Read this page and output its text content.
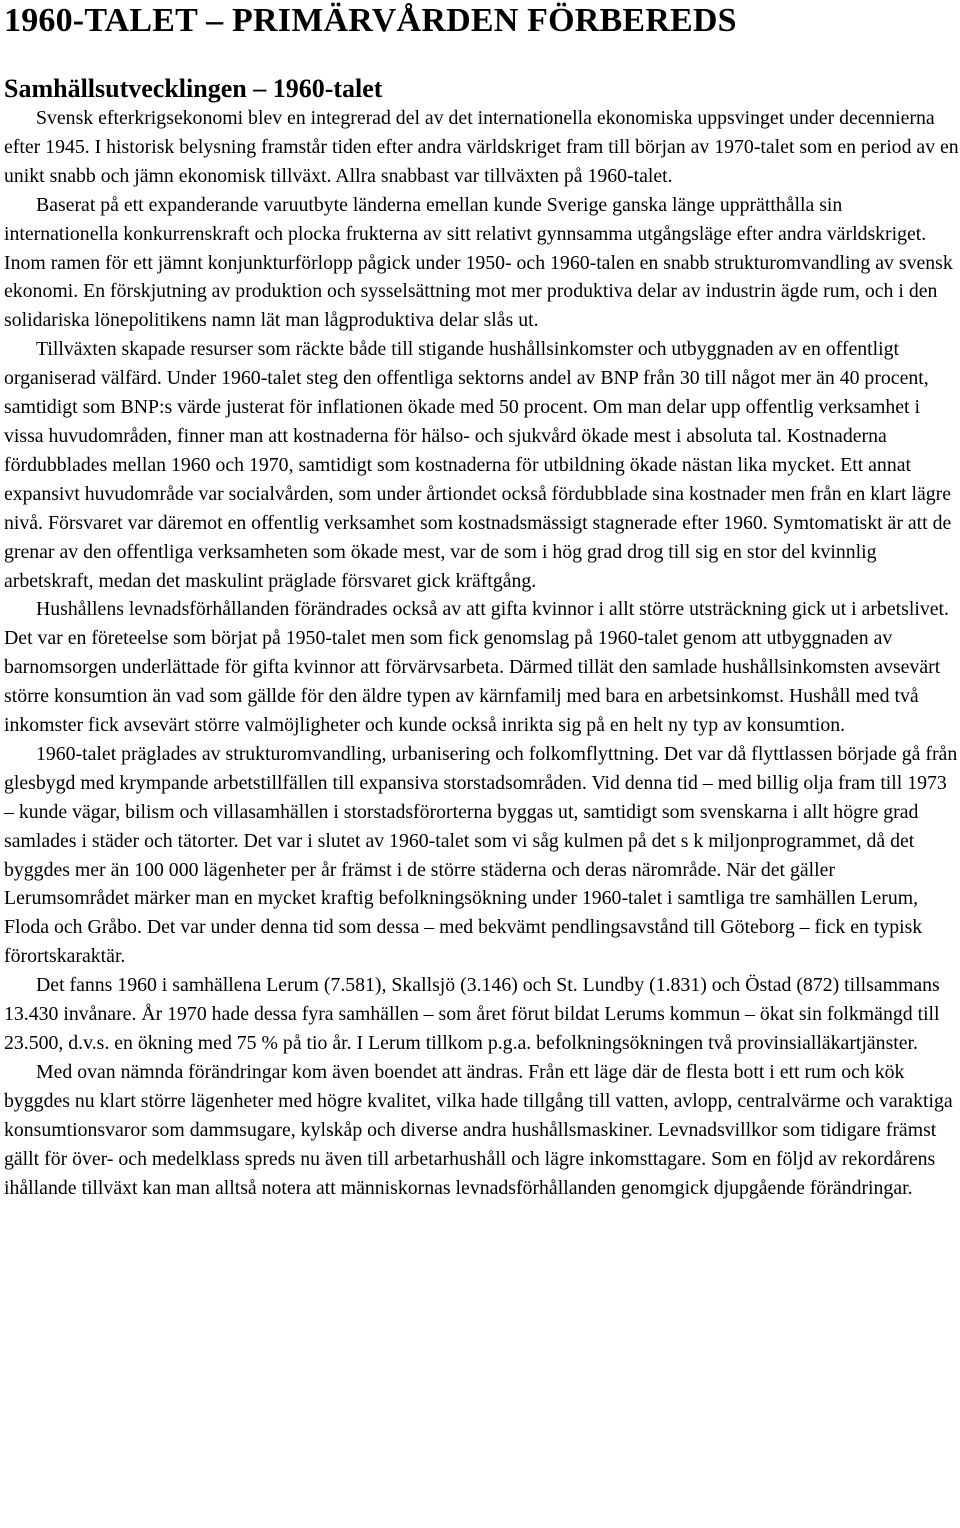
1960-TALET – PRIMÄRVÅRDEN FÖRBEREDS
Samhällsutvecklingen – 1960-talet

Svensk efterkrigsekonomi blev en integrerad del av det internationella ekonomiska uppsvinget under decennierna efter 1945. I historisk belysning framstår tiden efter andra världskriget fram till början av 1970-talet som en period av en unikt snabb och jämn ekonomisk tillväxt. Allra snabbast var tillväxten på 1960-talet.

Baserat på ett expanderande varuutbyte länderna emellan kunde Sverige ganska länge upprätthålla sin internationella konkurrenskraft och plocka frukterna av sitt relativt gynnsamma utgångsläge efter andra världskriget. Inom ramen för ett jämnt konjunkturförlopp pågick under 1950- och 1960-talen en snabb strukturomvandling av svensk ekonomi. En förskjutning av produktion och sysselsättning mot mer produktiva delar av industrin ägde rum, och i den solidariska lönepolitikens namn lät man lågproduktiva delar slås ut.

Tillväxten skapade resurser som räckte både till stigande hushållsinkomster och utbyggnaden av en offentligt organiserad välfärd. Under 1960-talet steg den offentliga sektorns andel av BNP från 30 till något mer än 40 procent, samtidigt som BNP:s värde justerat för inflationen ökade med 50 procent. Om man delar upp offentlig verksamhet i vissa huvudområden, finner man att kostnaderna för hälso- och sjukvård ökade mest i absoluta tal. Kostnaderna fördubblades mellan 1960 och 1970, samtidigt som kostnaderna för utbildning ökade nästan lika mycket. Ett annat expansivt huvudområde var socialvården, som under årtiondet också fördubblade sina kostnader men från en klart lägre nivå. Försvaret var däremot en offentlig verksamhet som kostnadsmässigt stagnerade efter 1960. Symtomatiskt är att de grenar av den offentliga verksamheten som ökade mest, var de som i hög grad drog till sig en stor del kvinnlig arbetskraft, medan det maskulint präglade försvaret gick kräftgång.

Hushållens levnadsförhållanden förändrades också av att gifta kvinnor i allt större utsträckning gick ut i arbetslivet. Det var en företeelse som börjat på 1950-talet men som fick genomslag på 1960-talet genom att utbyggnaden av barnomsorgen underlättade för gifta kvinnor att förvärvsarbeta. Därmed tillät den samlade hushållsinkomsten avsevärt större konsumtion än vad som gällde för den äldre typen av kärnfamilj med bara en arbetsinkomst. Hushåll med två inkomster fick avsevärt större valmöjligheter och kunde också inrikta sig på en helt ny typ av konsumtion.

1960-talet präglades av strukturomvandling, urbanisering och folkomflyttning. Det var då flyttlassen började gå från glesbygd med krympande arbetstillfällen till expansiva storstadsområden. Vid denna tid – med billig olja fram till 1973 – kunde vägar, bilism och villasamhällen i storstadsförorterna byggas ut, samtidigt som svenskarna i allt högre grad samlades i städer och tätorter. Det var i slutet av 1960-talet som vi såg kulmen på det s k miljonprogrammet, då det byggdes mer än 100 000 lägenheter per år främst i de större städerna och deras närområde. När det gäller Lerumsområdet märker man en mycket kraftig befolkningsökning under 1960-talet i samtliga tre samhällen Lerum, Floda och Gråbo. Det var under denna tid som dessa – med bekvämt pendlingsavstånd till Göteborg – fick en typisk förortskaraktär.

Det fanns 1960 i samhällena Lerum (7.581), Skallsjö (3.146) och St. Lundby (1.831) och Östad (872) tillsammans 13.430 invånare. År 1970 hade dessa fyra samhällen – som året förut bildat Lerums kommun – ökat sin folkmängd till 23.500, d.v.s. en ökning med 75 % på tio år. I Lerum tillkom p.g.a. befolkningsökningen två provinsialläkartjänster.

Med ovan nämnda förändringar kom även boendet att ändras. Från ett läge där de flesta bott i ett rum och kök byggdes nu klart större lägenheter med högre kvalitet, vilka hade tillgång till vatten, avlopp, centralvärme och varaktiga konsumtionsvaror som dammsugare, kylskåp och diverse andra hushållsmaskiner. Levnadsvillkor som tidigare främst gällt för över- och medelklass spreds nu även till arbetarhushåll och lägre inkomsttagare. Som en följd av rekordårens ihållande tillväxt kan man alltså notera att människornas levnadsförhållanden genomgick djupgående förändringar.
